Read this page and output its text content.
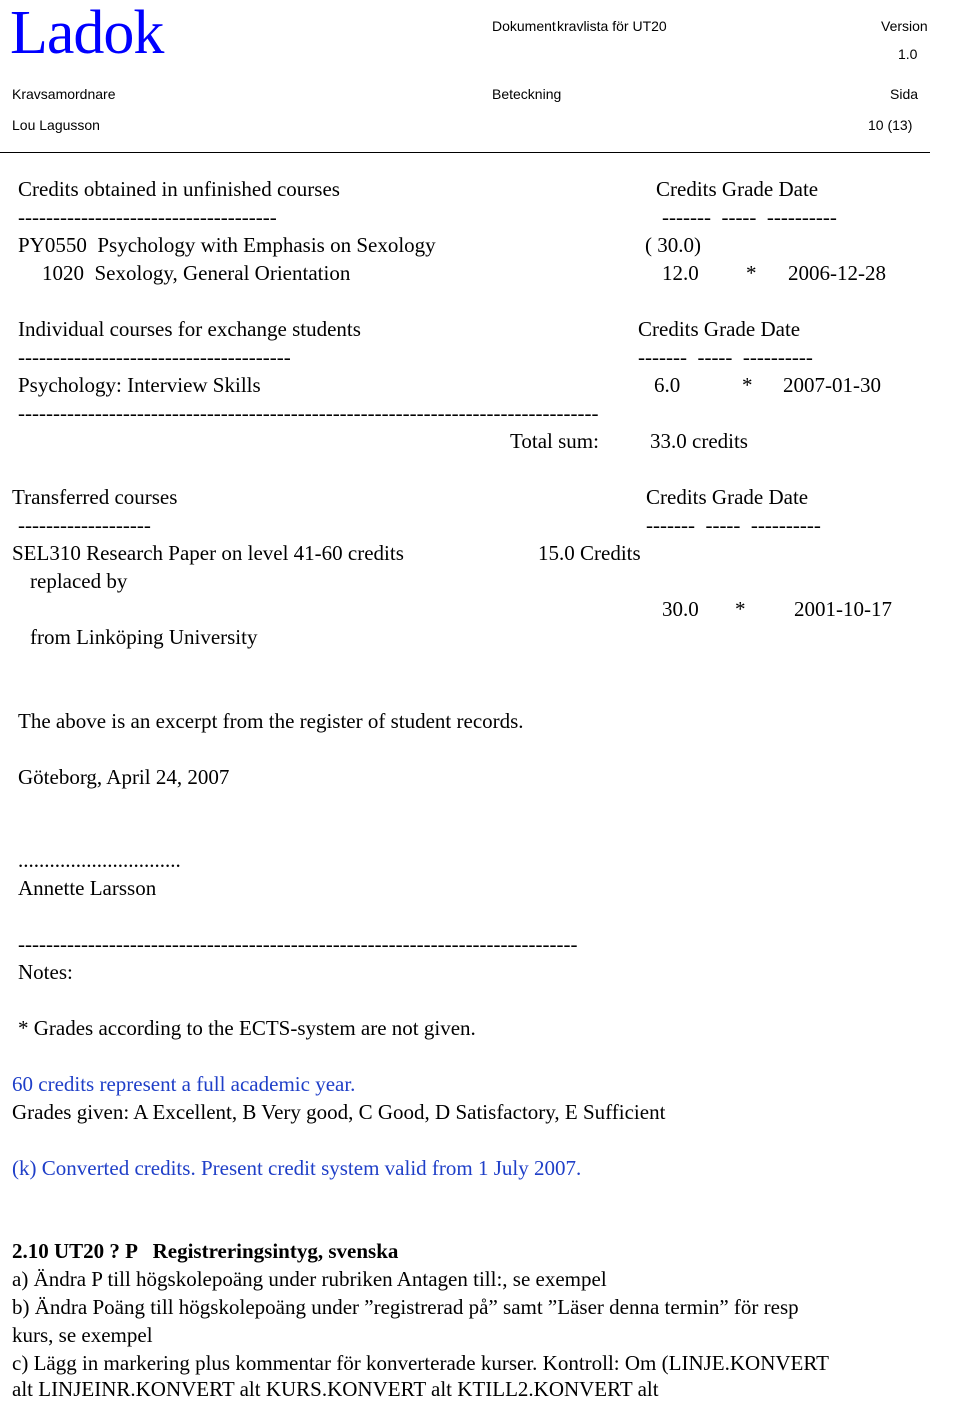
Ladok	Dokument kravlista för UT20	Version
1.0
Kravsamordnare	Beteckning	Sida
Lou Lagusson	10 (13)
Credits obtained in unfinished courses	Credits Grade Date
-------------------------------------	-------  -----  ----------
PY0550  Psychology with Emphasis on Sexology	( 30.0)
1020  Sexology, General Orientation	12.0 * 2006-12-28
Individual courses for exchange students	Credits Grade Date
---------------------------------------	-------  -----  ----------
Psychology: Interview Skills	6.0	* 2007-01-30
-----------------------------------------------------------------------------------
Total sum: 33.0 credits
Transferred courses	Credits Grade Date
-------------------	-------  -----  ----------
SEL310 Research Paper on level 41-60 credits	15.0 Credits
replaced by
30.0 * 2001-10-17
from Linköping University
The above is an excerpt from the register of student records.
Göteborg, April 24, 2007
...............................
Annette Larsson
--------------------------------------------------------------------------------
Notes:
* Grades according to the ECTS-system are not given.
60 credits represent a full academic year.
Grades given: A Excellent, B Very good, C Good, D Satisfactory, E Sufficient
(k) Converted credits. Present credit system valid from 1 July 2007.
2.10 UT20 ? P   Registreringsintyg, svenska
a) Ändra P till högskolepoäng under rubriken Antagen till:, se exempel
b) Ändra Poäng till högskolepoäng under ”registrerad på” samt ”Läser denna termin” för resp
kurs, se exempel
c) Lägg in markering plus kommentar för konverterade kurser. Kontroll: Om (LINJE.KONVERT
alt LINJEINR.KONVERT alt KURS.KONVERT alt KTILL2.KONVERT alt
